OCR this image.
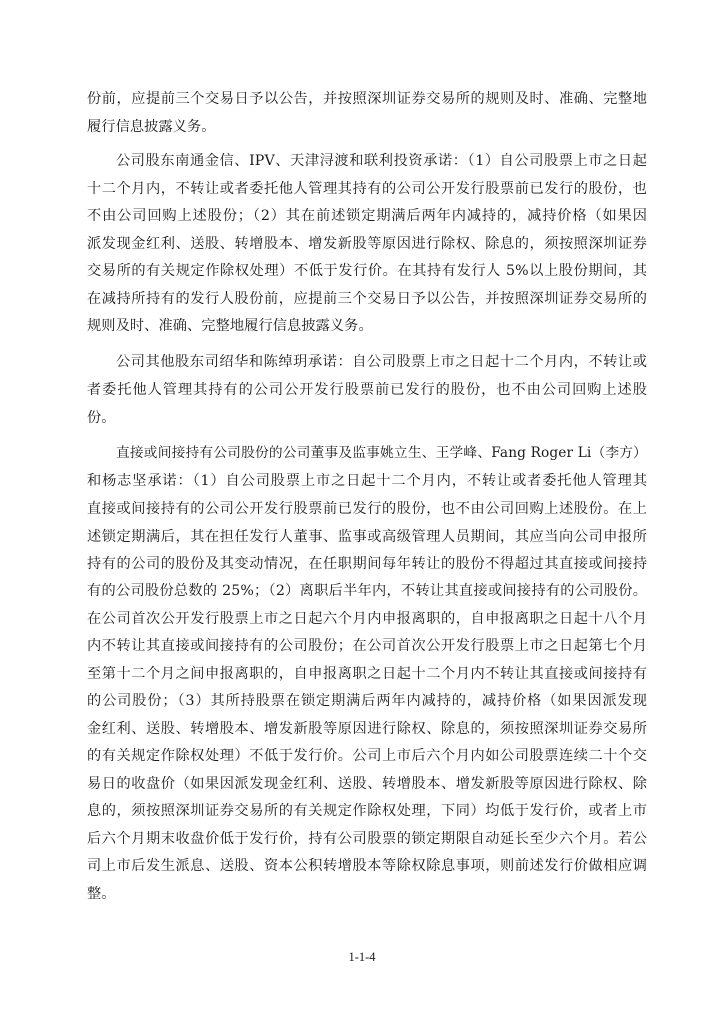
份前，应提前三个交易日予以公告，并按照深圳证券交易所的规则及时、准确、完整地
履行信息披露义务。
公司股东南通金信、IPV、天津浔渡和联利投资承诺：（1）自公司股票上市之日起
十二个月内，不转让或者委托他人管理其持有的公司公开发行股票前已发行的股份，也
不由公司回购上述股份；（2）其在前述锁定期满后两年内减持的，减持价格（如果因
派发现金红利、送股、转增股本、增发新股等原因进行除权、除息的，须按照深圳证券
交易所的有关规定作除权处理）不低于发行价。在其持有发行人 5%以上股份期间，其
在减持所持有的发行人股份前，应提前三个交易日予以公告，并按照深圳证券交易所的
规则及时、准确、完整地履行信息披露义务。
公司其他股东司绍华和陈绰玥承诺：自公司股票上市之日起十二个月内，不转让或
者委托他人管理其持有的公司公开发行股票前已发行的股份，也不由公司回购上述股
份。
直接或间接持有公司股份的公司董事及监事姚立生、王学峰、Fang Roger Li（李方）
和杨志坚承诺：（1）自公司股票上市之日起十二个月内，不转让或者委托他人管理其
直接或间接持有的公司公开发行股票前已发行的股份，也不由公司回购上述股份。在上
述锁定期满后，其在担任发行人董事、监事或高级管理人员期间，其应当向公司申报所
持有的公司的股份及其变动情况，在任职期间每年转让的股份不得超过其直接或间接持
有的公司股份总数的 25%；（2）离职后半年内，不转让其直接或间接持有的公司股份。
在公司首次公开发行股票上市之日起六个月内申报离职的，自申报离职之日起十八个月
内不转让其直接或间接持有的公司股份；在公司首次公开发行股票上市之日起第七个月
至第十二个月之间申报离职的，自申报离职之日起十二个月内不转让其直接或间接持有
的公司股份；（3）其所持股票在锁定期满后两年内减持的，减持价格（如果因派发现
金红利、送股、转增股本、增发新股等原因进行除权、除息的，须按照深圳证券交易所
的有关规定作除权处理）不低于发行价。公司上市后六个月内如公司股票连续二十个交
易日的收盘价（如果因派发现金红利、送股、转增股本、增发新股等原因进行除权、除
息的，须按照深圳证券交易所的有关规定作除权处理，下同）均低于发行价，或者上市
后六个月期末收盘价低于发行价，持有公司股票的锁定期限自动延长至少六个月。若公
司上市后发生派息、送股、资本公积转增股本等除权除息事项，则前述发行价做相应调
整。
1-1-4
